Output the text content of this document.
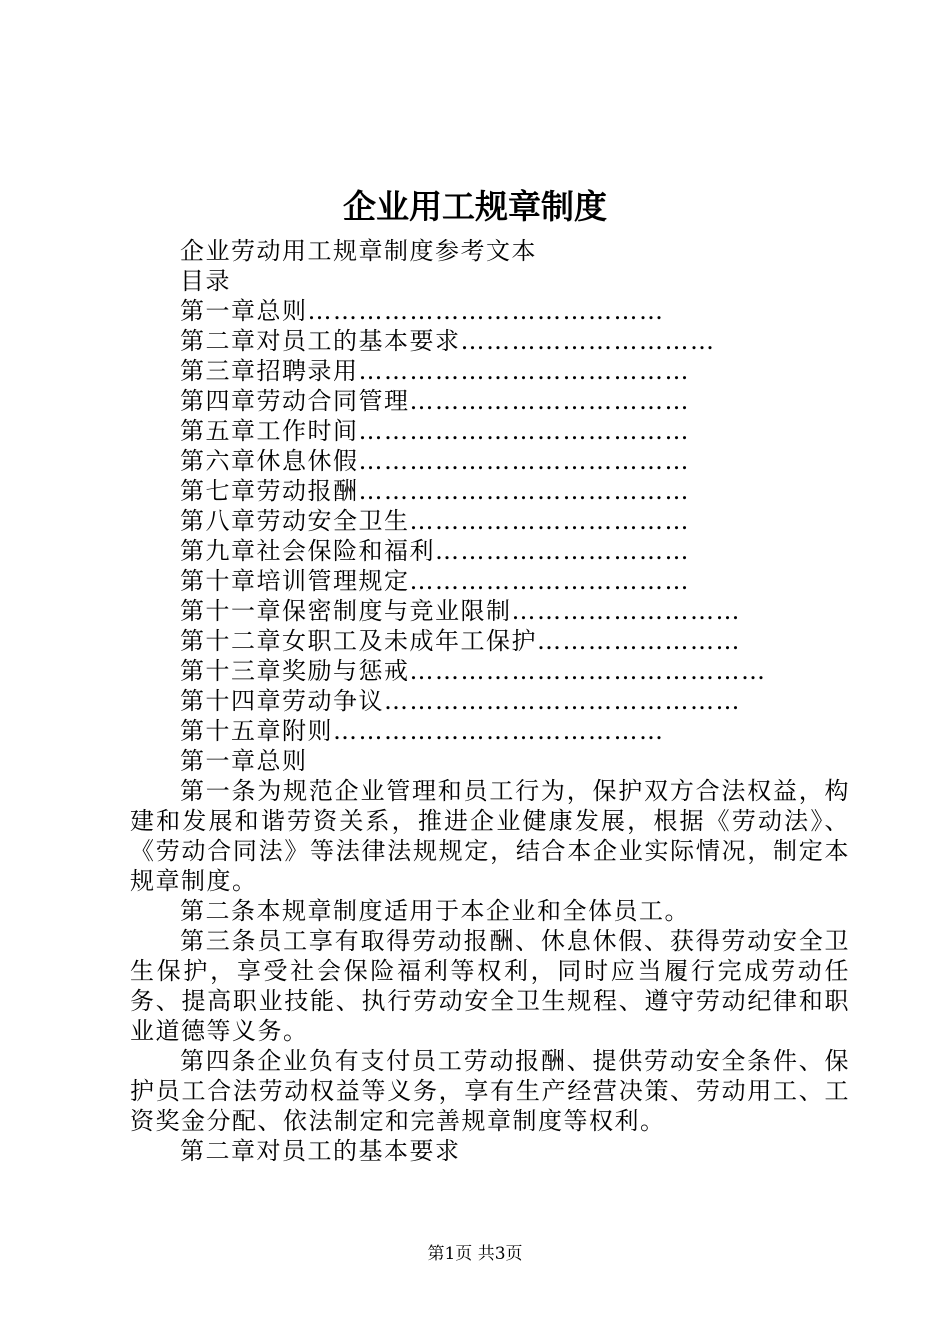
企业用工规章制度
企业劳动用工规章制度参考文本
目录
第一章总则……………………………………
第二章对员工的基本要求…………………………
第三章招聘录用…………………………………
第四章劳动合同管理……………………………
第五章工作时间…………………………………
第六章休息休假…………………………………
第七章劳动报酬…………………………………
第八章劳动安全卫生……………………………
第九章社会保险和福利…………………………
第十章培训管理规定……………………………
第十一章保密制度与竞业限制………………………
第十二章女职工及未成年工保护……………………
第十三章奖励与惩戒……………………………………
第十四章劳动争议……………………………………
第十五章附则…………………………………
第一章总则

第一条为规范企业管理和员工行为，保护双方合法权益，构建和发展和谐劳资关系，推进企业健康发展，根据《劳动法》、《劳动合同法》等法律法规规定，结合本企业实际情况，制定本规章制度。

第二条本规章制度适用于本企业和全体员工。

第三条员工享有取得劳动报酬、休息休假、获得劳动安全卫生保护，享受社会保险福利等权利，同时应当履行完成劳动任务、提高职业技能、执行劳动安全卫生规程、遵守劳动纪律和职业道德等义务。

第四条企业负有支付员工劳动报酬、提供劳动安全条件、保护员工合法劳动权益等义务，享有生产经营决策、劳动用工、工资奖金分配、依法制定和完善规章制度等权利。

第二章对员工的基本要求
第1页 共3页
